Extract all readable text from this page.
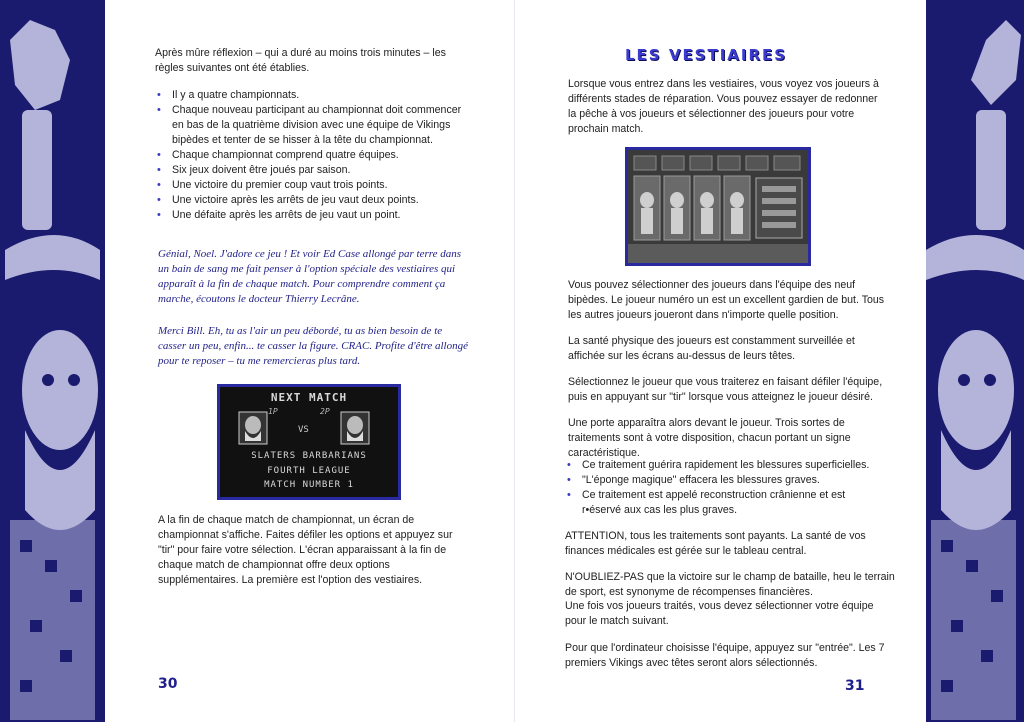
Après mûre réflexion – qui a duré au moins trois minutes – les règles suivantes ont été établies.

• Il y a quatre championnats.
• Chaque nouveau participant au championnat doit commencer en bas de la quatrième division avec une équipe de Vikings bipèdes et tenter de se hisser à la tête du championnat.
• Chaque championnat comprend quatre équipes.
• Six jeux doivent être joués par saison.
• Une victoire du premier coup vaut trois points.
• Une victoire après les arrêts de jeu vaut deux points.
• Une défaite après les arrêts de jeu vaut un point.

Génial, Noel. J'adore ce jeu ! Et voir Ed Case allongé par terre dans un bain de sang me fait penser à l'option spéciale des vestiaires qui apparaît à la fin de chaque match. Pour comprendre comment ça marche, écoutons le docteur Thierry Lecrâne.

Merci Bill. Eh, tu as l'air un peu débordé, tu as bien besoin de te casser un peu, enfin... te casser la figure. CRAC. Profite d'être allongé pour te reposer – tu me remercieras plus tard.

NEXT MATCH
1P	2P
VS
SLATERS BARBARIANS
FOURTH LEAGUE
MATCH NUMBER 1

A la fin de chaque match de championnat, un écran de championnat s'affiche. Faites défiler les options et appuyez sur "tir" pour faire votre sélection. L'écran apparaissant à la fin de chaque match de championnat offre deux options supplémentaires. La première est l'option des vestiaires.

30
LES VESTIAIRES

Lorsque vous entrez dans les vestiaires, vous voyez vos joueurs à différents stades de réparation. Vous pouvez essayer de redonner la pêche à vos joueurs et sélectionner des joueurs pour votre prochain match.

Vous pouvez sélectionner des joueurs dans l'équipe des neuf bipèdes. Le joueur numéro un est un excellent gardien de but. Tous les autres joueurs joueront dans n'importe quelle position.

La santé physique des joueurs est constamment surveillée et affichée sur les écrans au-dessus de leurs têtes.

Sélectionnez le joueur que vous traiterez en faisant défiler l'équipe, puis en appuyant sur "tir" lorsque vous atteignez le joueur désiré.

Une porte apparaîtra alors devant le joueur. Trois sortes de traitements sont à votre disposition, chacun portant un signe caractéristique.

• Ce traitement guérira rapidement les blessures superficielles.
• "L'éponge magique" effacera les blessures graves.
• Ce traitement est appelé reconstruction crânienne et est r•éservé aux cas les plus graves.

ATTENTION, tous les traitements sont payants. La santé de vos finances médicales est gérée sur le tableau central.

N'OUBLIEZ-PAS que la victoire sur le champ de bataille, heu le terrain de sport, est synonyme de récompenses financières.

Une fois vos joueurs traités, vous devez sélectionner votre équipe pour le match suivant.

Pour que l'ordinateur choisisse l'équipe, appuyez sur "entrée". Les 7 premiers Vikings avec têtes seront alors sélectionnés.

31
